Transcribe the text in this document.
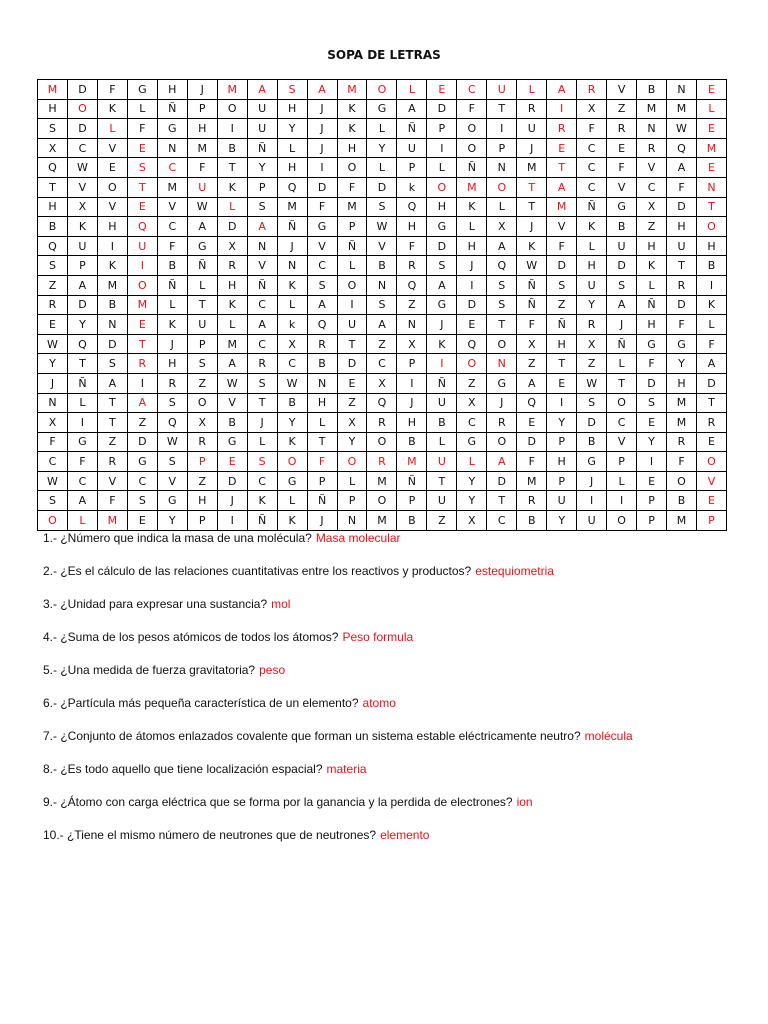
SOPA DE LETRAS
M	D	F	G	H	J	M	A	S	A	M	O	L	E	C	U	L	A	R	V	B	N	E
H	O	K	L	Ñ	P	O	U	H	J	K	G	A	D	F	T	R	I	X	Z	M	M	L
S	D	L	F	G	H	I	U	Y	J	K	L	Ñ	P	O	I	U	R	F	R	N	W	E
X	C	V	E	N	M	B	Ñ	L	J	H	Y	U	I	O	P	J	E	C	E	R	Q	M
Q	W	E	S	C	F	T	Y	H	I	O	L	P	L	Ñ	N	M	T	C	F	V	A	E
T	V	O	T	M	U	K	P	Q	D	F	D	k	O	M	O	T	A	C	V	C	F	N
H	X	V	E	V	W	L	S	M	F	M	S	Q	H	K	L	T	M	Ñ	G	X	D	T
B	K	H	Q	C	A	D	A	Ñ	G	P	W	H	G	L	X	J	V	K	B	Z	H	O
Q	U	I	U	F	G	X	N	J	V	Ñ	V	F	D	H	A	K	F	L	U	H	U	H
S	P	K	I	B	Ñ	R	V	N	C	L	B	R	S	J	Q	W	D	H	D	K	T	B
Z	A	M	O	Ñ	L	H	Ñ	K	S	O	N	Q	A	I	S	Ñ	S	U	S	L	R	I
R	D	B	M	L	T	K	C	L	A	I	S	Z	G	D	S	Ñ	Z	Y	A	Ñ	D	K
E	Y	N	E	K	U	L	A	k	Q	U	A	N	J	E	T	F	Ñ	R	J	H	F	L
W	Q	D	T	J	P	M	C	X	R	T	Z	X	K	Q	O	X	H	X	Ñ	G	G	F
Y	T	S	R	H	S	A	R	C	B	D	C	P	I	O	N	Z	T	Z	L	F	Y	A
J	Ñ	A	I	R	Z	W	S	W	N	E	X	I	Ñ	Z	G	A	E	W	T	D	H	D
N	L	T	A	S	O	V	T	B	H	Z	Q	J	U	X	J	Q	I	S	O	S	M	T
X	I	T	Z	Q	X	B	J	Y	L	X	R	H	B	C	R	E	Y	D	C	E	M	R
F	G	Z	D	W	R	G	L	K	T	Y	O	B	L	G	O	D	P	B	V	Y	R	E
C	F	R	G	S	P	E	S	O	F	O	R	M	U	L	A	F	H	G	P	I	F	O
W	C	V	C	V	Z	D	C	G	P	L	M	Ñ	T	Y	D	M	P	J	L	E	O	V
S	A	F	S	G	H	J	K	L	Ñ	P	O	P	U	Y	T	R	U	I	I	P	B	E
O	L	M	E	Y	P	I	Ñ	K	J	N	M	B	Z	X	C	B	Y	U	O	P	M	P
1.- ¿Número que indica la masa de una molécula? Masa molecular
2.- ¿Es el cálculo de las relaciones cuantitativas entre los reactivos y productos? estequiometria
3.- ¿Unidad para expresar una sustancia? mol
4.- ¿Suma de los pesos atómicos de todos los átomos? Peso formula
5.- ¿Una medida de fuerza gravitatoria? peso
6.- ¿Partícula más pequeña característica de un elemento? atomo
7.- ¿Conjunto de átomos enlazados covalente que forman un sistema estable eléctricamente neutro? molécula
8.- ¿Es todo aquello que tiene localización espacial? materia
9.- ¿Átomo con carga eléctrica que se forma por la ganancia y la perdida de electrones? ion
10.- ¿Tiene el mismo número de neutrones que de neutrones? elemento
